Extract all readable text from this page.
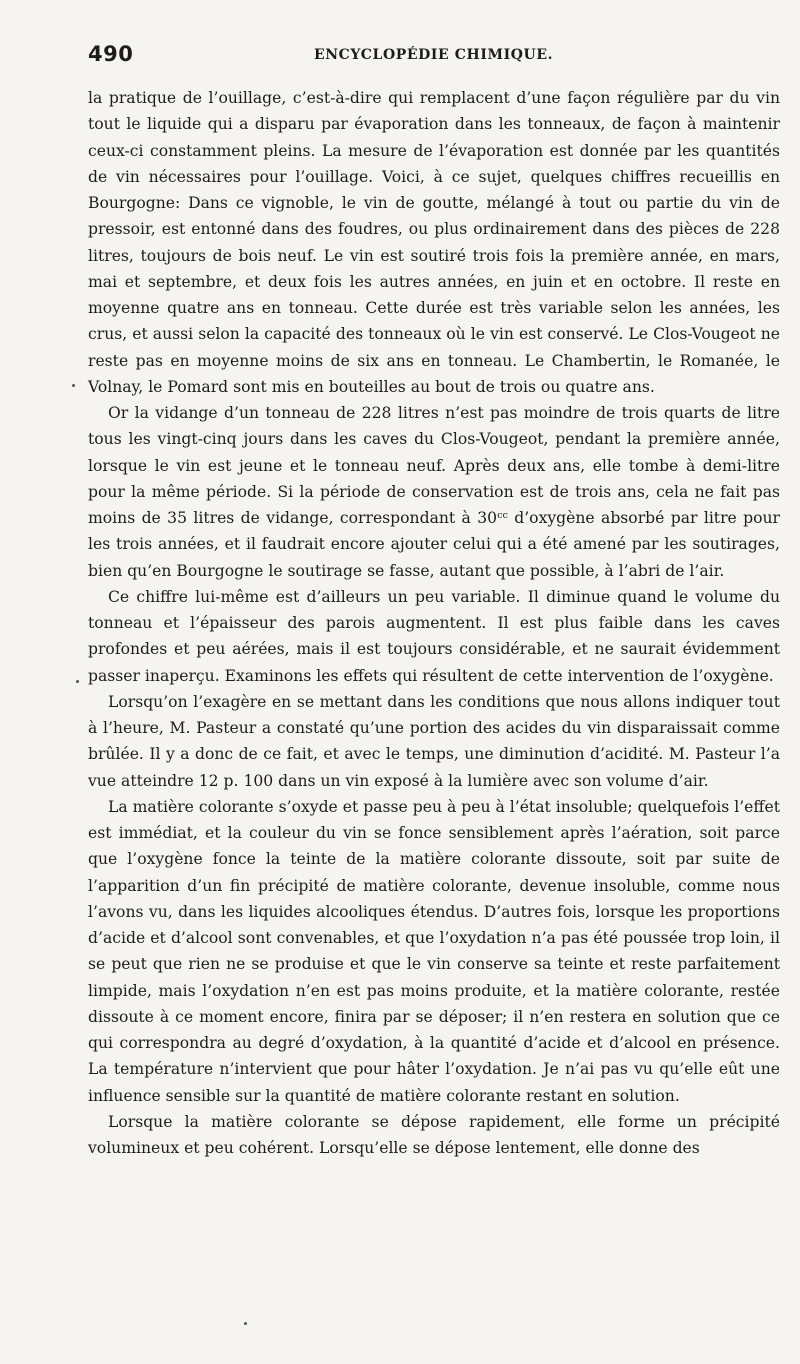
490	ENCYCLOPÉDIE CHIMIQUE.

la pratique de l’ouillage, c’est-à-dire qui remplacent d’une façon régulière par du vin tout le liquide qui a disparu par évaporation dans les tonneaux, de façon à maintenir ceux-ci constamment pleins. La mesure de l’évaporation est donnée par les quantités de vin nécessaires pour l’ouillage. Voici, à ce sujet, quelques chiffres recueillis en Bourgogne: Dans ce vignoble, le vin de goutte, mélangé à tout ou partie du vin de pressoir, est entonné dans des foudres, ou plus ordinairement dans des pièces de 228 litres, toujours de bois neuf. Le vin est soutiré trois fois la première année, en mars, mai et septembre, et deux fois les autres années, en juin et en octobre. Il reste en moyenne quatre ans en tonneau. Cette durée est très variable selon les années, les crus, et aussi selon la capacité des tonneaux où le vin est conservé. Le Clos-Vougeot ne reste pas en moyenne moins de six ans en tonneau. Le Chambertin, le Romanée, le Volnay, le Pomard sont mis en bouteilles au bout de trois ou quatre ans.

Or la vidange d’un tonneau de 228 litres n’est pas moindre de trois quarts de litre tous les vingt-cinq jours dans les caves du Clos-Vougeot, pendant la première année, lorsque le vin est jeune et le tonneau neuf. Après deux ans, elle tombe à demi-litre pour la même période. Si la période de conservation est de trois ans, cela ne fait pas moins de 35 litres de vidange, correspondant à 30ᶜᶜ d’oxygène absorbé par litre pour les trois années, et il faudrait encore ajouter celui qui a été amené par les soutirages, bien qu’en Bourgogne le soutirage se fasse, autant que possible, à l’abri de l’air.

Ce chiffre lui-même est d’ailleurs un peu variable. Il diminue quand le volume du tonneau et l’épaisseur des parois augmentent. Il est plus faible dans les caves profondes et peu aérées, mais il est toujours considérable, et ne saurait évidemment passer inaperçu. Examinons les effets qui résultent de cette intervention de l’oxygène.

Lorsqu’on l’exagère en se mettant dans les conditions que nous allons indiquer tout à l’heure, M. Pasteur a constaté qu’une portion des acides du vin disparaissait comme brûlée. Il y a donc de ce fait, et avec le temps, une diminution d’acidité. M. Pasteur l’a vue atteindre 12 p. 100 dans un vin exposé à la lumière avec son volume d’air.

La matière colorante s’oxyde et passe peu à peu à l’état insoluble; quelquefois l’effet est immédiat, et la couleur du vin se fonce sensiblement après l’aération, soit parce que l’oxygène fonce la teinte de la matière colorante dissoute, soit par suite de l’apparition d’un fin précipité de matière colorante, devenue insoluble, comme nous l’avons vu, dans les liquides alcooliques étendus. D’autres fois, lorsque les proportions d’acide et d’alcool sont convenables, et que l’oxydation n’a pas été poussée trop loin, il se peut que rien ne se produise et que le vin conserve sa teinte et reste parfaitement limpide, mais l’oxydation n’en est pas moins produite, et la matière colorante, restée dissoute à ce moment encore, finira par se déposer; il n’en restera en solution que ce qui correspondra au degré d’oxydation, à la quantité d’acide et d’alcool en présence. La température n’intervient que pour hâter l’oxydation. Je n’ai pas vu qu’elle eût une influence sensible sur la quantité de matière colorante restant en solution.

Lorsque la matière colorante se dépose rapidement, elle forme un précipité volumineux et peu cohérent. Lorsqu’elle se dépose lentement, elle donne des
